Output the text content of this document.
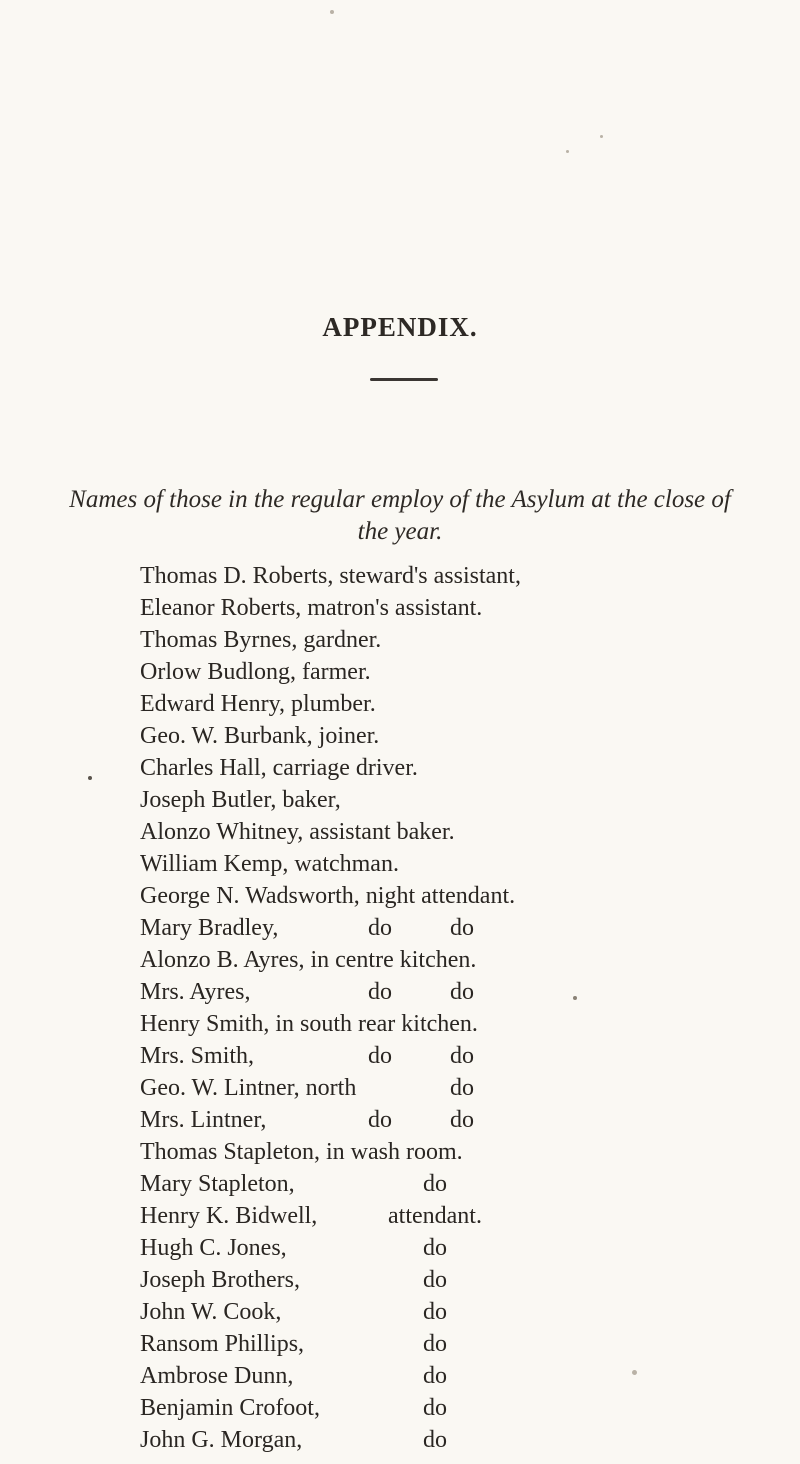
APPENDIX.
Names of those in the regular employ of the Asylum at the close of
the year.
Thomas D. Roberts, steward's assistant,
Eleanor Roberts, matron's assistant.
Thomas Byrnes, gardner.
Orlow Budlong, farmer.
Edward Henry, plumber.
Geo. W. Burbank, joiner.
Charles Hall, carriage driver.
Joseph Butler, baker,
Alonzo Whitney, assistant baker.
William Kemp, watchman.
George N. Wadsworth, night attendant.
Mary Bradley,	do do
Alonzo B. Ayres, in centre kitchen.
Mrs. Ayres,	do do
Henry Smith, in south rear kitchen.
Mrs. Smith,	do do
Geo. W. Lintner, north	do
Mrs. Lintner,	do do
Thomas Stapleton, in wash room.
Mary Stapleton,	do
Henry K. Bidwell,	attendant.
Hugh C. Jones,	do
Joseph Brothers,	do
John W. Cook,	do
Ransom Phillips,	do
Ambrose Dunn,	do
Benjamin Crofoot,	do
John G. Morgan,	do
